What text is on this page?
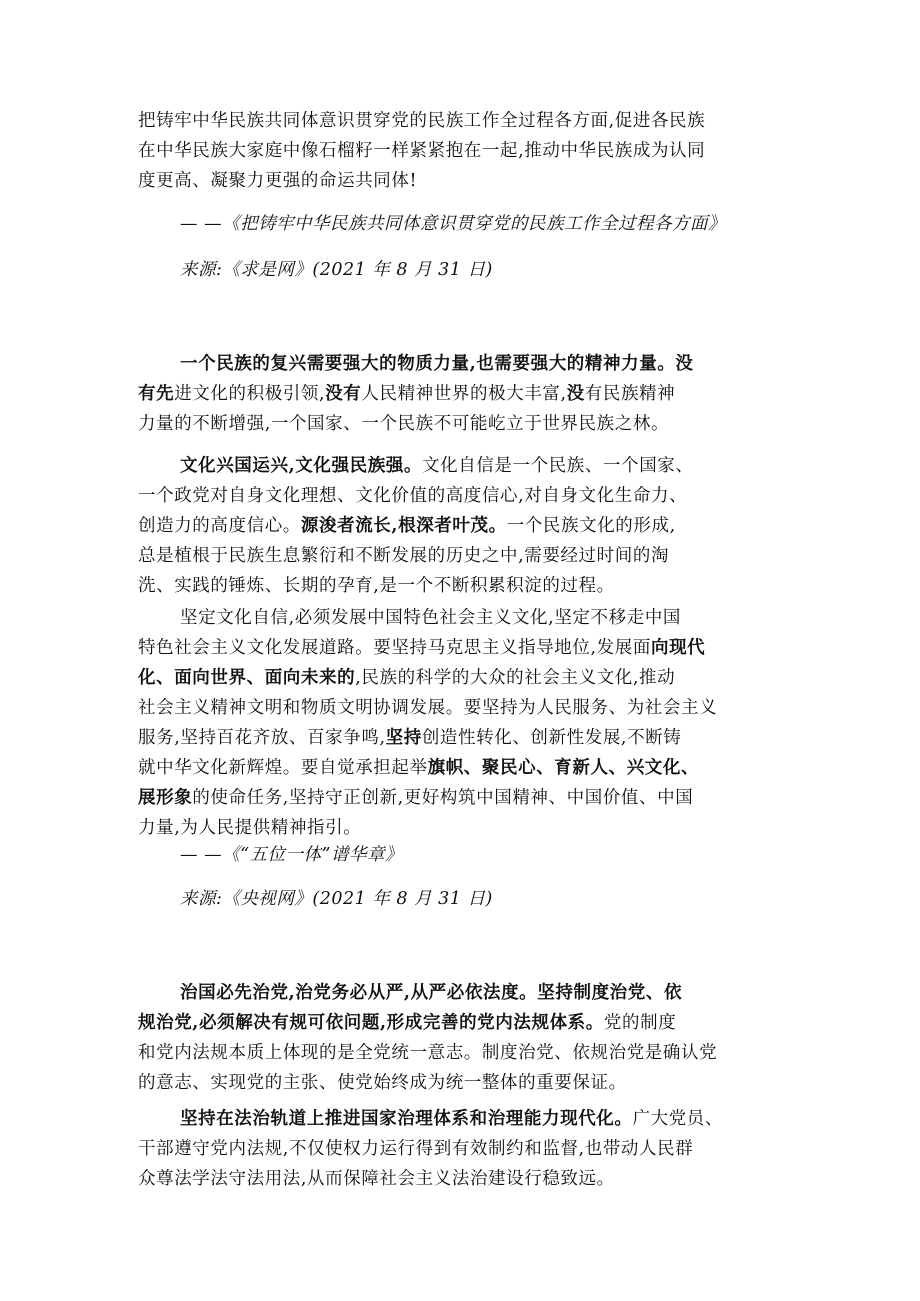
把铸牢中华民族共同体意识贯穿党的民族工作全过程各方面,促进各民族
在中华民族大家庭中像石榴籽一样紧紧抱在一起,推动中华民族成为认同
度更高、凝聚力更强的命运共同体!
— —《把铸牢中华民族共同体意识贯穿党的民族工作全过程各方面》
来源:《求是网》(2021 年 8 月 31 日)
一个民族的复兴需要强大的物质力量,也需要强大的精神力量。没
有先进文化的积极引领,没有人民精神世界的极大丰富,没有民族精神
力量的不断增强,一个国家、一个民族不可能屹立于世界民族之林。
文化兴国运兴,文化强民族强。文化自信是一个民族、一个国家、
一个政党对自身文化理想、文化价值的高度信心,对自身文化生命力、
创造力的高度信心。源浚者流长,根深者叶茂。一个民族文化的形成,
总是植根于民族生息繁衍和不断发展的历史之中,需要经过时间的淘
洗、实践的锤炼、长期的孕育,是一个不断积累积淀的过程。
坚定文化自信,必须发展中国特色社会主义文化,坚定不移走中国
特色社会主义文化发展道路。要坚持马克思主义指导地位,发展面向现代
化、面向世界、面向未来的,民族的科学的大众的社会主义文化,推动
社会主义精神文明和物质文明协调发展。要坚持为人民服务、为社会主义
服务,坚持百花齐放、百家争鸣,坚持创造性转化、创新性发展,不断铸
就中华文化新辉煌。要自觉承担起举旗帜、聚民心、育新人、兴文化、
展形象的使命任务,坚持守正创新,更好构筑中国精神、中国价值、中国
力量,为人民提供精神指引。
— —《“五位一体”谱华章》
来源:《央视网》(2021 年 8 月 31 日)
治国必先治党,治党务必从严,从严必依法度。坚持制度治党、依
规治党,必须解决有规可依问题,形成完善的党内法规体系。党的制度
和党内法规本质上体现的是全党统一意志。制度治党、依规治党是确认党
的意志、实现党的主张、使党始终成为统一整体的重要保证。
坚持在法治轨道上推进国家治理体系和治理能力现代化。广大党员、
干部遵守党内法规,不仅使权力运行得到有效制约和监督,也带动人民群
众尊法学法守法用法,从而保障社会主义法治建设行稳致远。
